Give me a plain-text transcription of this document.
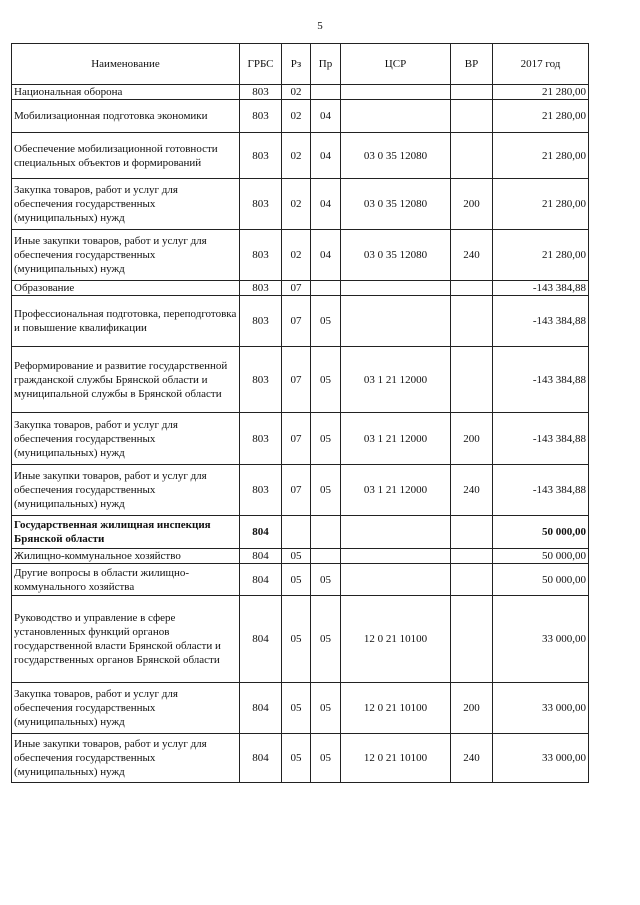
5
Наименование	ГРБС	Рз	Пр	ЦСР	ВР	2017 год
Национальная оборона	803	02				21 280,00
Мобилизационная подготовка экономики	803	02	04			21 280,00
Обеспечение мобилизационной готовности специальных объектов и формирований	803	02	04	03 0 35 12080		21 280,00
Закупка товаров, работ и услуг для обеспечения государственных (муниципальных) нужд	803	02	04	03 0 35 12080	200	21 280,00
Иные закупки товаров, работ и услуг для обеспечения государственных (муниципальных) нужд	803	02	04	03 0 35 12080	240	21 280,00
Образование	803	07				-143 384,88
Профессиональная подготовка, переподготовка и повышение квалификации	803	07	05			-143 384,88
Реформирование и развитие государственной гражданской службы Брянской области и муниципальной службы в Брянской области	803	07	05	03 1 21 12000		-143 384,88
Закупка товаров, работ и услуг для обеспечения государственных (муниципальных) нужд	803	07	05	03 1 21 12000	200	-143 384,88
Иные закупки товаров, работ и услуг для обеспечения государственных (муниципальных) нужд	803	07	05	03 1 21 12000	240	-143 384,88
Государственная жилищная инспекция Брянской области	804					50 000,00
Жилищно-коммунальное хозяйство	804	05				50 000,00
Другие вопросы в области жилищно-коммунального хозяйства	804	05	05			50 000,00
Руководство и управление в сфере установленных функций органов государственной власти Брянской области и государственных органов Брянской области	804	05	05	12 0 21 10100		33 000,00
Закупка товаров, работ и услуг для обеспечения государственных (муниципальных) нужд	804	05	05	12 0 21 10100	200	33 000,00
Иные закупки товаров, работ и услуг для обеспечения государственных (муниципальных) нужд	804	05	05	12 0 21 10100	240	33 000,00
